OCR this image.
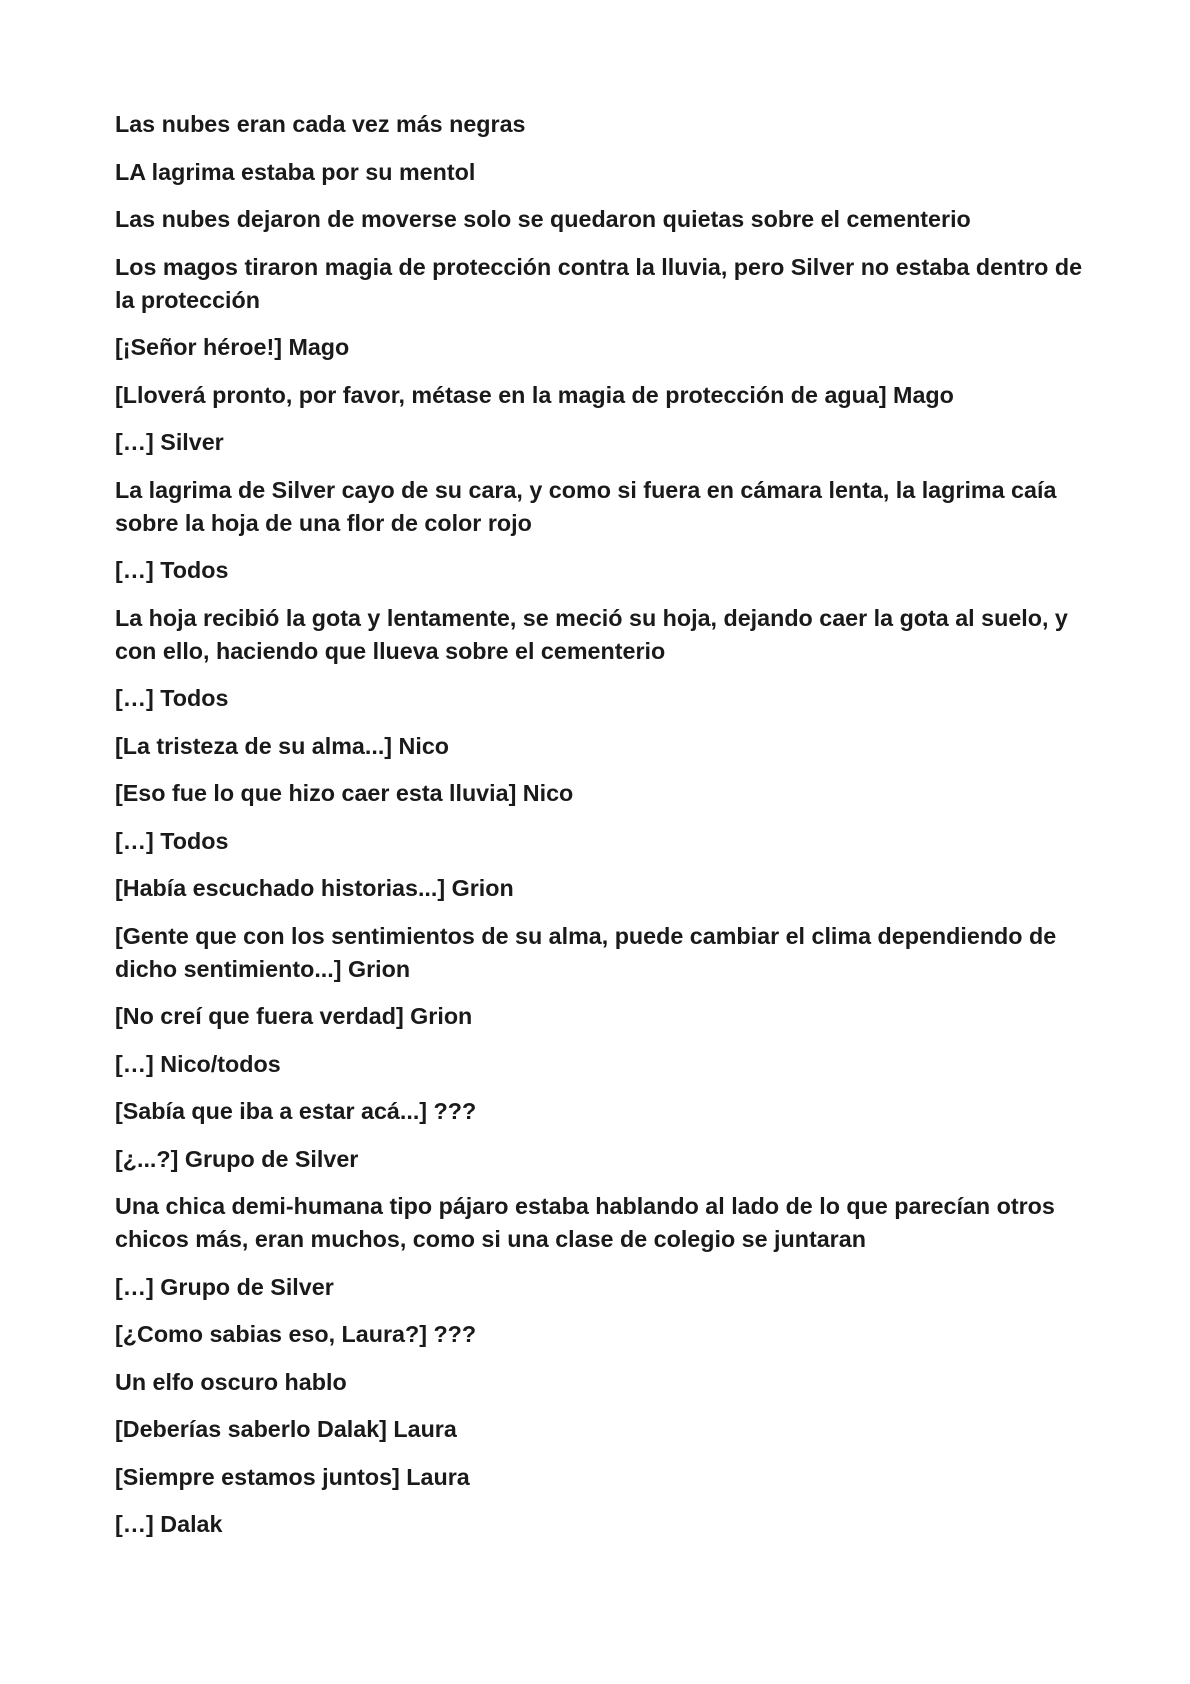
Las nubes eran cada vez más negras

LA lagrima estaba por su mentol

Las nubes dejaron de moverse solo se quedaron quietas sobre el cementerio

Los magos tiraron magia de protección contra la lluvia, pero Silver no estaba dentro de la protección

[¡Señor héroe!] Mago

[Lloverá pronto, por favor, métase en la magia de protección de agua] Mago

[…] Silver

La lagrima de Silver cayo de su cara, y como si fuera en cámara lenta, la lagrima caía sobre la hoja de una flor de color rojo

[…] Todos

La hoja recibió la gota y lentamente, se meció su hoja, dejando caer la gota al suelo, y con ello, haciendo que llueva sobre el cementerio

[…] Todos

[La tristeza de su alma...] Nico

[Eso fue lo que hizo caer esta lluvia] Nico

[…] Todos

[Había escuchado historias...] Grion

[Gente que con los sentimientos de su alma, puede cambiar el clima dependiendo de dicho sentimiento...] Grion

[No creí que fuera verdad] Grion

[…] Nico/todos

[Sabía que iba a estar acá...] ???

[¿...?] Grupo de Silver

Una chica demi-humana tipo pájaro estaba hablando al lado de lo que parecían otros chicos más, eran muchos, como si una clase de colegio se juntaran

[…] Grupo de Silver

[¿Como sabias eso, Laura?] ???

Un elfo oscuro hablo

[Deberías saberlo Dalak] Laura

[Siempre estamos juntos] Laura

[…] Dalak
